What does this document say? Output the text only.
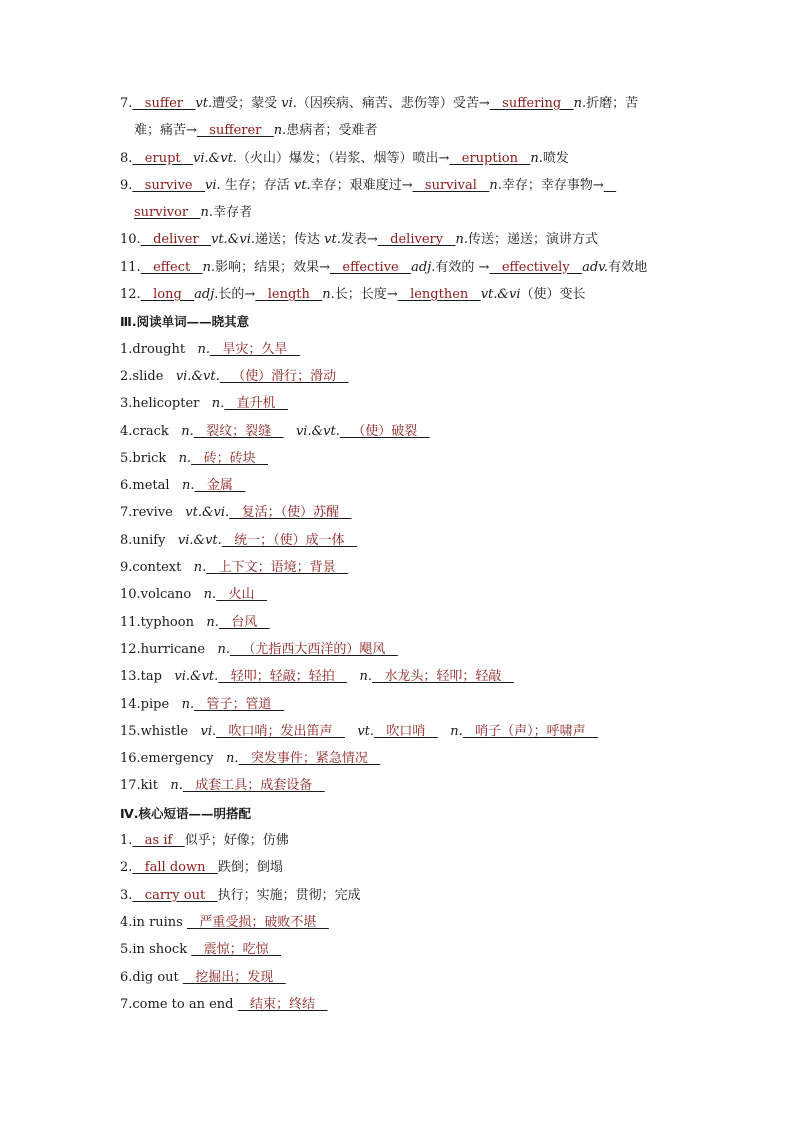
7.   suffer   vt.遭受；蒙受 vi.（因疾病、痛苦、悲伤等）受苦→   suffering   n.折磨；苦
难；痛苦→   sufferer   n.患病者；受难者
8.   erupt   vi.&vt.（火山）爆发；（岩浆、烟等）喷出→   eruption   n.喷发
9.   survive   vi. 生存；存活 vt.幸存；艰难度过→   survival   n.幸存；幸存事物→
survivor   n.幸存者
10.   deliver   vt.&vi.递送；传达 vt.发表→   delivery   n.传送；递送；演讲方式
11.   effect   n.影响；结果；效果→   effective   adj.有效的 →   effectively   adv.有效地
12.   long   adj.长的→   length   n.长；长度→   lengthen   vt.&vi（使）变长
Ⅲ.阅读单词——晓其意
1.drought   n.   旱灾；久旱
2.slide   vi.&vt.   （使）滑行；滑动
3.helicopter   n.   直升机
4.crack   n.   裂纹；裂缝      vi.&vt.   （使）破裂
5.brick   n.   砖；砖块
6.metal   n.   金属
7.revive   vt.&vi.   复活；（使）苏醒
8.unify   vi.&vt.   统一；（使）成一体
9.context   n.   上下文；语境；背景
10.volcano   n.   火山
11.typhoon   n.   台风
12.hurricane   n.   （尤指西大西洋的）飓风
13.tap   vi.&vt.   轻叩；轻敲；轻拍      n.   水龙头；轻叩；轻敲
14.pipe   n.   管子；管道
15.whistle   vi.   吹口哨；发出笛声      vt.   吹口哨      n.   哨子（声）；呼啸声
16.emergency   n.   突发事件；紧急情况
17.kit   n.   成套工具；成套设备
Ⅳ.核心短语——明搭配
1.   as if   似乎；好像；仿佛
2.   fall down   跌倒；倒塌
3.   carry out   执行；实施；贯彻；完成
4.in ruins    严重受损；破败不堪
5.in shock    震惊；吃惊
6.dig out    挖掘出；发现
7.come to an end    结束；终结
